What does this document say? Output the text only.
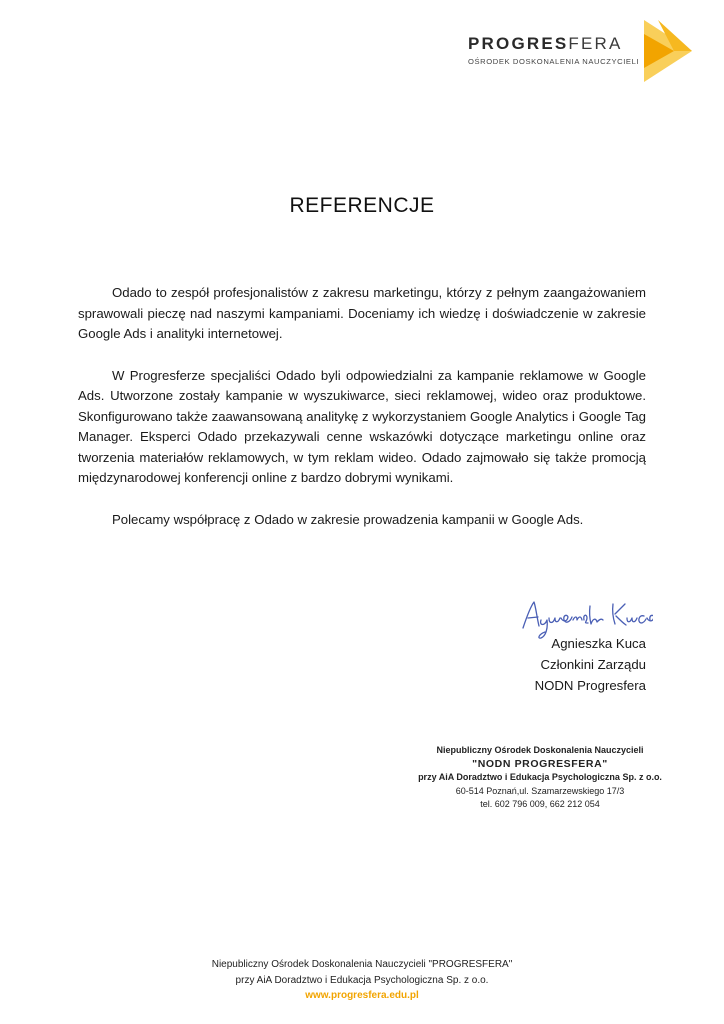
PROGRESFERA
OŚRODEK DOSKONALENIA NAUCZYCIELI
REFERENCJE

Odado to zespół profesjonalistów z zakresu marketingu, którzy z pełnym zaangażowaniem sprawowali pieczę nad naszymi kampaniami. Doceniamy ich wiedzę i doświadczenie w zakresie Google Ads i analityki internetowej.

W Progresferze specjaliści Odado byli odpowiedzialni za kampanie reklamowe w Google Ads. Utworzone zostały kampanie w wyszukiwarce, sieci reklamowej, wideo oraz produktowe. Skonfigurowano także zaawansowaną analitykę z wykorzystaniem Google Analytics i Google Tag Manager. Eksperci Odado przekazywali cenne wskazówki dotyczące marketingu online oraz tworzenia materiałów reklamowych, w tym reklam wideo. Odado zajmowało się także promocją międzynarodowej konferencji online z bardzo dobrymi wynikami.

Polecamy współpracę z Odado w zakresie prowadzenia kampanii w Google Ads.

Agnieszka Kuca
Członkini Zarządu
NODN Progresfera
Niepubliczny Ośrodek Doskonalenia Nauczycieli
"NODN PROGRESFERA"
przy AiA Doradztwo i Edukacja Psychologiczna Sp. z o.o.
60-514 Poznań,ul. Szamarzewskiego 17/3
tel. 602 796 009, 662 212 054
Niepubliczny Ośrodek Doskonalenia Nauczycieli "PROGRESFERA"
przy AiA Doradztwo i Edukacja Psychologiczna Sp. z o.o.
www.progresfera.edu.pl
